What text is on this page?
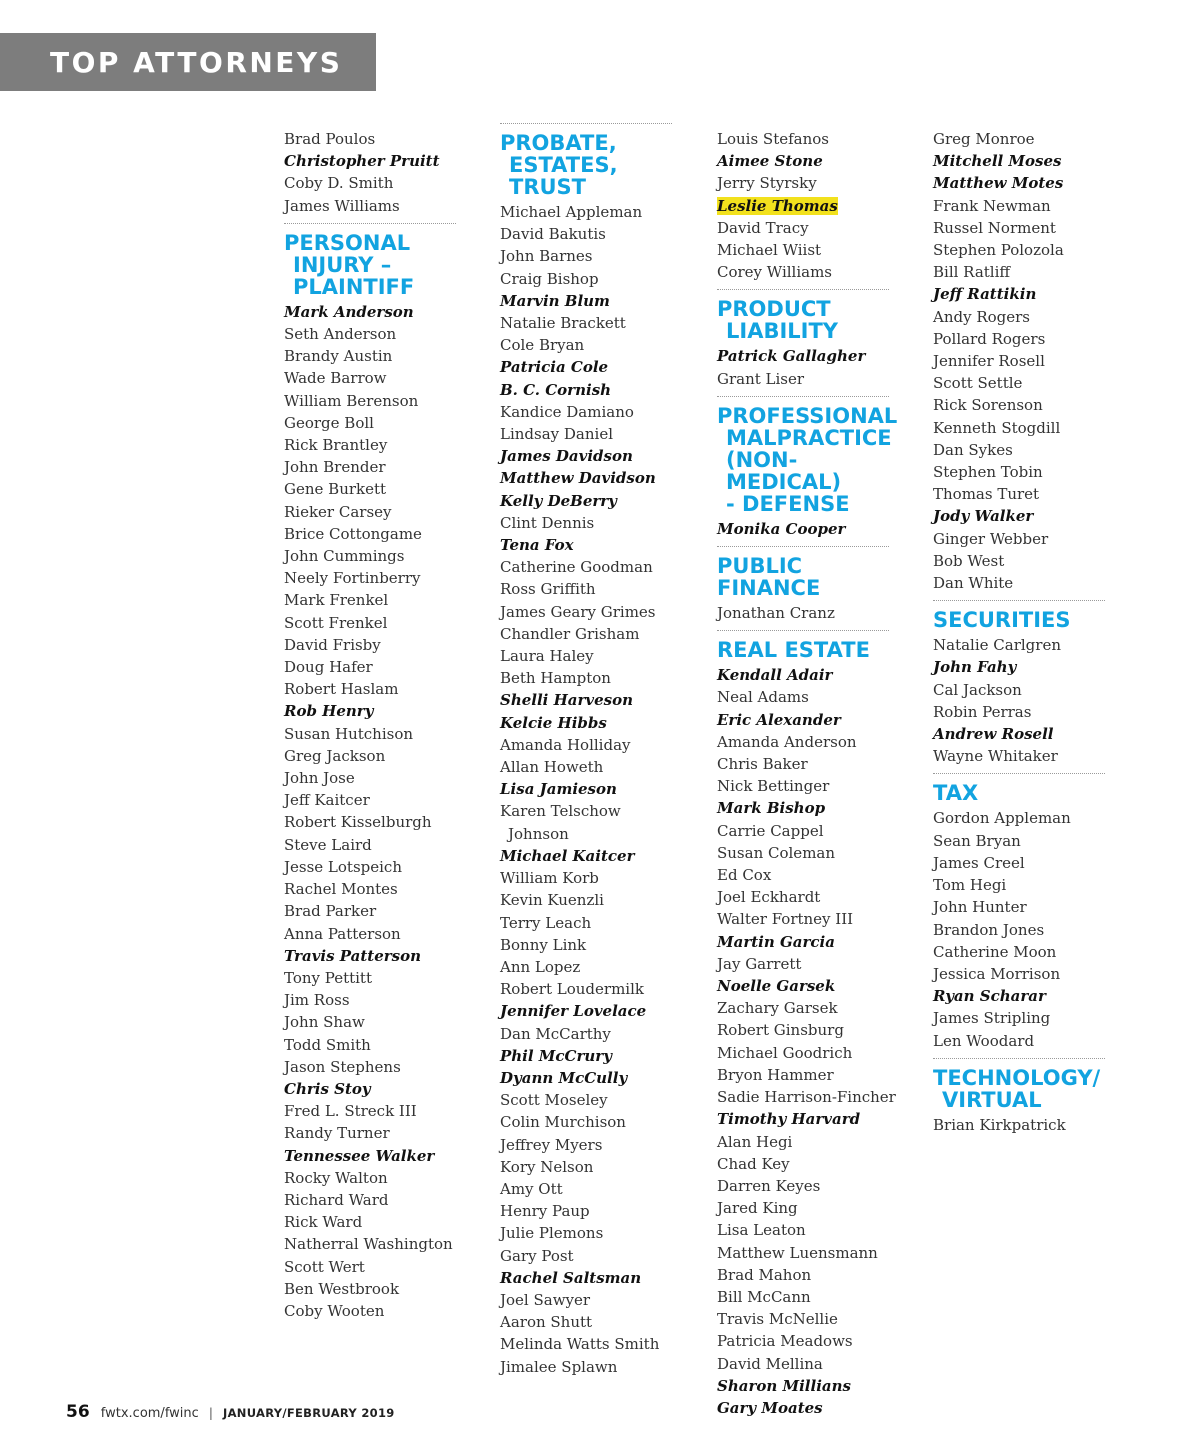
TOP ATTORNEYS
Brad Poulos
Christopher Pruitt
Coby D. Smith
James Williams
PERSONAL
INJURY –
PLAINTIFF
Mark Anderson
Seth Anderson
Brandy Austin
Wade Barrow
William Berenson
George Boll
Rick Brantley
John Brender
Gene Burkett
Rieker Carsey
Brice Cottongame
John Cummings
Neely Fortinberry
Mark Frenkel
Scott Frenkel
David Frisby
Doug Hafer
Robert Haslam
Rob Henry
Susan Hutchison
Greg Jackson
John Jose
Jeff Kaitcer
Robert Kisselburgh
Steve Laird
Jesse Lotspeich
Rachel Montes
Brad Parker
Anna Patterson
Travis Patterson
Tony Pettitt
Jim Ross
John Shaw
Todd Smith
Jason Stephens
Chris Stoy
Fred L. Streck III
Randy Turner
Tennessee Walker
Rocky Walton
Richard Ward
Rick Ward
Natherral Washington
Scott Wert
Ben Westbrook
Coby Wooten
PROBATE,
ESTATES, TRUST
Michael Appleman
David Bakutis
John Barnes
Craig Bishop
Marvin Blum
Natalie Brackett
Cole Bryan
Patricia Cole
B. C. Cornish
Kandice Damiano
Lindsay Daniel
James Davidson
Matthew Davidson
Kelly DeBerry
Clint Dennis
Tena Fox
Catherine Goodman
Ross Griffith
James Geary Grimes
Chandler Grisham
Laura Haley
Beth Hampton
Shelli Harveson
Kelcie Hibbs
Amanda Holliday
Allan Howeth
Lisa Jamieson
Karen Telschow
Johnson
Michael Kaitcer
William Korb
Kevin Kuenzli
Terry Leach
Bonny Link
Ann Lopez
Robert Loudermilk
Jennifer Lovelace
Dan McCarthy
Phil McCrury
Dyann McCully
Scott Moseley
Colin Murchison
Jeffrey Myers
Kory Nelson
Amy Ott
Henry Paup
Julie Plemons
Gary Post
Rachel Saltsman
Joel Sawyer
Aaron Shutt
Melinda Watts Smith
Jimalee Splawn
Louis Stefanos
Aimee Stone
Jerry Styrsky
Leslie Thomas
David Tracy
Michael Wiist
Corey Williams
PRODUCT
LIABILITY
Patrick Gallagher
Grant Liser
PROFESSIONAL
MALPRACTICE
(NON-MEDICAL)
- DEFENSE
Monika Cooper
PUBLIC FINANCE
Jonathan Cranz
REAL ESTATE
Kendall Adair
Neal Adams
Eric Alexander
Amanda Anderson
Chris Baker
Nick Bettinger
Mark Bishop
Carrie Cappel
Susan Coleman
Ed Cox
Joel Eckhardt
Walter Fortney III
Martin Garcia
Jay Garrett
Noelle Garsek
Zachary Garsek
Robert Ginsburg
Michael Goodrich
Bryon Hammer
Sadie Harrison-Fincher
Timothy Harvard
Alan Hegi
Chad Key
Darren Keyes
Jared King
Lisa Leaton
Matthew Luensmann
Brad Mahon
Bill McCann
Travis McNellie
Patricia Meadows
David Mellina
Sharon Millians
Gary Moates
Greg Monroe
Mitchell Moses
Matthew Motes
Frank Newman
Russel Norment
Stephen Polozola
Bill Ratliff
Jeff Rattikin
Andy Rogers
Pollard Rogers
Jennifer Rosell
Scott Settle
Rick Sorenson
Kenneth Stogdill
Dan Sykes
Stephen Tobin
Thomas Turet
Jody Walker
Ginger Webber
Bob West
Dan White
SECURITIES
Natalie Carlgren
John Fahy
Cal Jackson
Robin Perras
Andrew Rosell
Wayne Whitaker
TAX
Gordon Appleman
Sean Bryan
James Creel
Tom Hegi
John Hunter
Brandon Jones
Catherine Moon
Jessica Morrison
Ryan Scharar
James Stripling
Len Woodard
TECHNOLOGY/
VIRTUAL
Brian Kirkpatrick
56 fwtx.com/fwinc | JANUARY/FEBRUARY 2019
